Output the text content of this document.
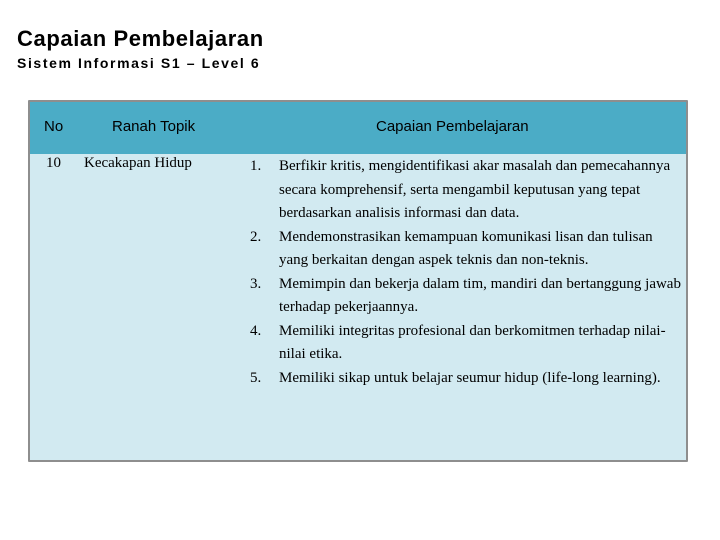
Capaian Pembelajaran
Sistem Informasi S1 – Level 6
No	Ranah Topik	Capaian Pembelajaran
10 Kecakapan Hidup	1. Berfikir kritis, mengidentifikasi akar masalah dan pemecahannya secara komprehensif, serta mengambil keputusan yang tepat berdasarkan analisis informasi dan data.
2. Mendemonstrasikan kemampuan komunikasi lisan dan tulisan yang berkaitan dengan aspek teknis dan non-teknis.
3. Memimpin dan bekerja dalam tim, mandiri dan bertanggung jawab terhadap pekerjaannya.
4. Memiliki integritas profesional dan berkomitmen terhadap nilai-nilai etika.
5. Memiliki sikap untuk belajar seumur hidup (life-long learning).
